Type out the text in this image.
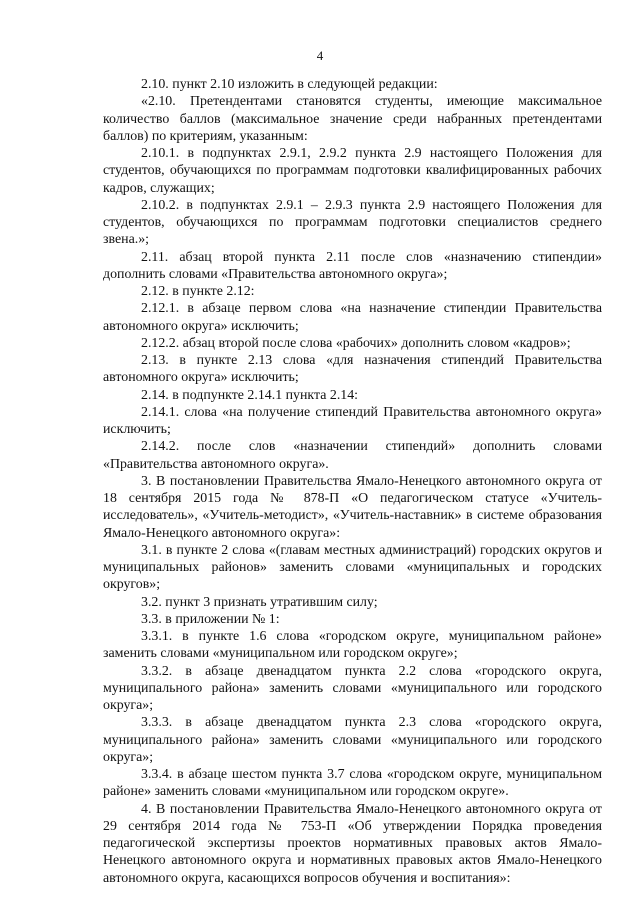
4

2.10. пункт 2.10 изложить в следующей редакции:

«2.10. Претендентами становятся студенты, имеющие максимальное количество баллов (максимальное значение среди набранных претендентами баллов) по критериям, указанным:

2.10.1. в подпунктах 2.9.1, 2.9.2 пункта 2.9 настоящего Положения для студентов, обучающихся по программам подготовки квалифицированных рабочих кадров, служащих;

2.10.2. в подпунктах 2.9.1 – 2.9.3 пункта 2.9 настоящего Положения для студентов, обучающихся по программам подготовки специалистов среднего звена.»;

2.11. абзац второй пункта 2.11 после слов «назначению стипендии» дополнить словами «Правительства автономного округа»;

2.12. в пункте 2.12:

2.12.1. в абзаце первом слова «на назначение стипендии Правительства автономного округа» исключить;

2.12.2. абзац второй после слова «рабочих» дополнить словом «кадров»;

2.13. в пункте 2.13 слова «для назначения стипендий Правительства автономного округа» исключить;

2.14. в подпункте 2.14.1 пункта 2.14:

2.14.1. слова «на получение стипендий Правительства автономного округа» исключить;

2.14.2. после слов «назначении стипендий» дополнить словами «Правительства автономного округа».

3. В постановлении Правительства Ямало-Ненецкого автономного округа от 18 сентября 2015 года № 878-П «О педагогическом статусе «Учитель-исследователь», «Учитель-методист», «Учитель-наставник» в системе образования Ямало-Ненецкого автономного округа»:

3.1. в пункте 2 слова «(главам местных администраций) городских округов и муниципальных районов» заменить словами «муниципальных и городских округов»;

3.2. пункт 3 признать утратившим силу;

3.3. в приложении № 1:

3.3.1. в пункте 1.6 слова «городском округе, муниципальном районе» заменить словами «муниципальном или городском округе»;

3.3.2. в абзаце двенадцатом пункта 2.2 слова «городского округа, муниципального района» заменить словами «муниципального или городского округа»;

3.3.3. в абзаце двенадцатом пункта 2.3 слова «городского округа, муниципального района» заменить словами «муниципального или городского округа»;

3.3.4. в абзаце шестом пункта 3.7 слова «городском округе, муниципальном районе» заменить словами «муниципальном или городском округе».

4. В постановлении Правительства Ямало-Ненецкого автономного округа от 29 сентября 2014 года № 753-П «Об утверждении Порядка проведения педагогической экспертизы проектов нормативных правовых актов Ямало-Ненецкого автономного округа и нормативных правовых актов Ямало-Ненецкого автономного округа, касающихся вопросов обучения и воспитания»:
